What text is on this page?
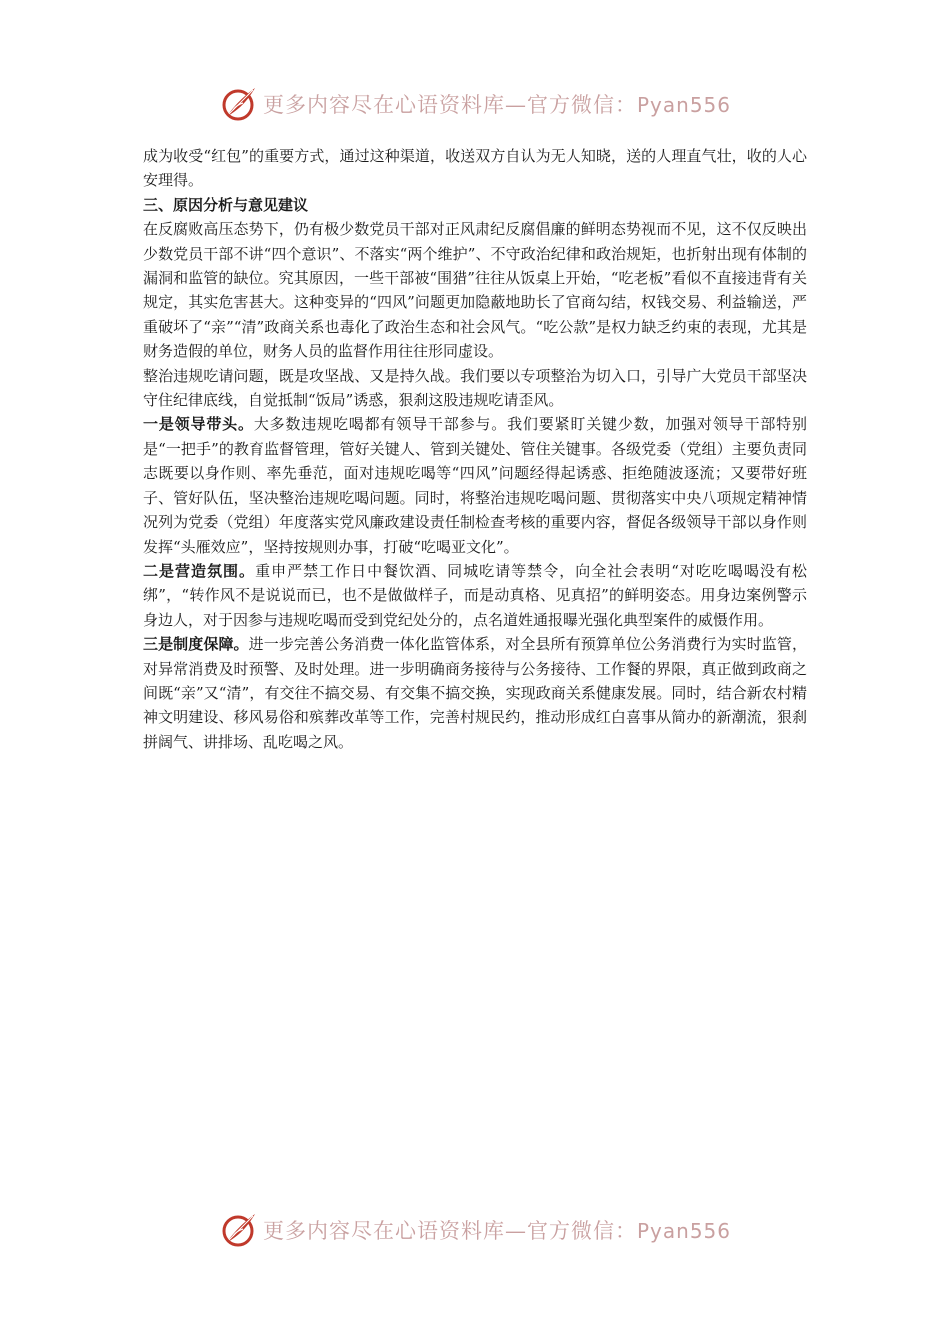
更多内容尽在心语资料库—官方微信：Pyan556

成为收受“红包”的重要方式，通过这种渠道，收送双方自认为无人知晓，送的人理直气壮，收的人心安理得。

三、原因分析与意见建议

在反腐败高压态势下，仍有极少数党员干部对正风肃纪反腐倡廉的鲜明态势视而不见，这不仅反映出少数党员干部不讲“四个意识”、不落实“两个维护”、不守政治纪律和政治规矩，也折射出现有体制的漏洞和监管的缺位。究其原因，一些干部被“围猎”往往从饭桌上开始，“吃老板”看似不直接违背有关规定，其实危害甚大。这种变异的“四风”问题更加隐蔽地助长了官商勾结，权钱交易、利益输送，严重破坏了“亲”“清”政商关系也毒化了政治生态和社会风气。“吃公款”是权力缺乏约束的表现，尤其是财务造假的单位，财务人员的监督作用往往形同虚设。

整治违规吃请问题，既是攻坚战、又是持久战。我们要以专项整治为切入口，引导广大党员干部坚决守住纪律底线，自觉抵制“饭局”诱惑，狠刹这股违规吃请歪风。

一是领导带头。大多数违规吃喝都有领导干部参与。我们要紧盯关键少数，加强对领导干部特别是“一把手”的教育监督管理，管好关键人、管到关键处、管住关键事。各级党委（党组）主要负责同志既要以身作则、率先垂范，面对违规吃喝等“四风”问题经得起诱惑、拒绝随波逐流；又要带好班子、管好队伍，坚决整治违规吃喝问题。同时，将整治违规吃喝问题、贯彻落实中央八项规定精神情况列为党委（党组）年度落实党风廉政建设责任制检查考核的重要内容，督促各级领导干部以身作则发挥“头雁效应”，坚持按规则办事，打破“吃喝亚文化”。

二是营造氛围。重申严禁工作日中餐饮酒、同城吃请等禁令，向全社会表明“对吃吃喝喝没有松绑”，“转作风不是说说而已，也不是做做样子，而是动真格、见真招”的鲜明姿态。用身边案例警示身边人，对于因参与违规吃喝而受到党纪处分的，点名道姓通报曝光强化典型案件的威慑作用。

三是制度保障。进一步完善公务消费一体化监管体系，对全县所有预算单位公务消费行为实时监管，对异常消费及时预警、及时处理。进一步明确商务接待与公务接待、工作餐的界限，真正做到政商之间既“亲”又“清”，有交往不搞交易、有交集不搞交换，实现政商关系健康发展。同时，结合新农村精神文明建设、移风易俗和殡葬改革等工作，完善村规民约，推动形成红白喜事从简办的新潮流，狠刹拼阔气、讲排场、乱吃喝之风。

更多内容尽在心语资料库—官方微信：Pyan556
